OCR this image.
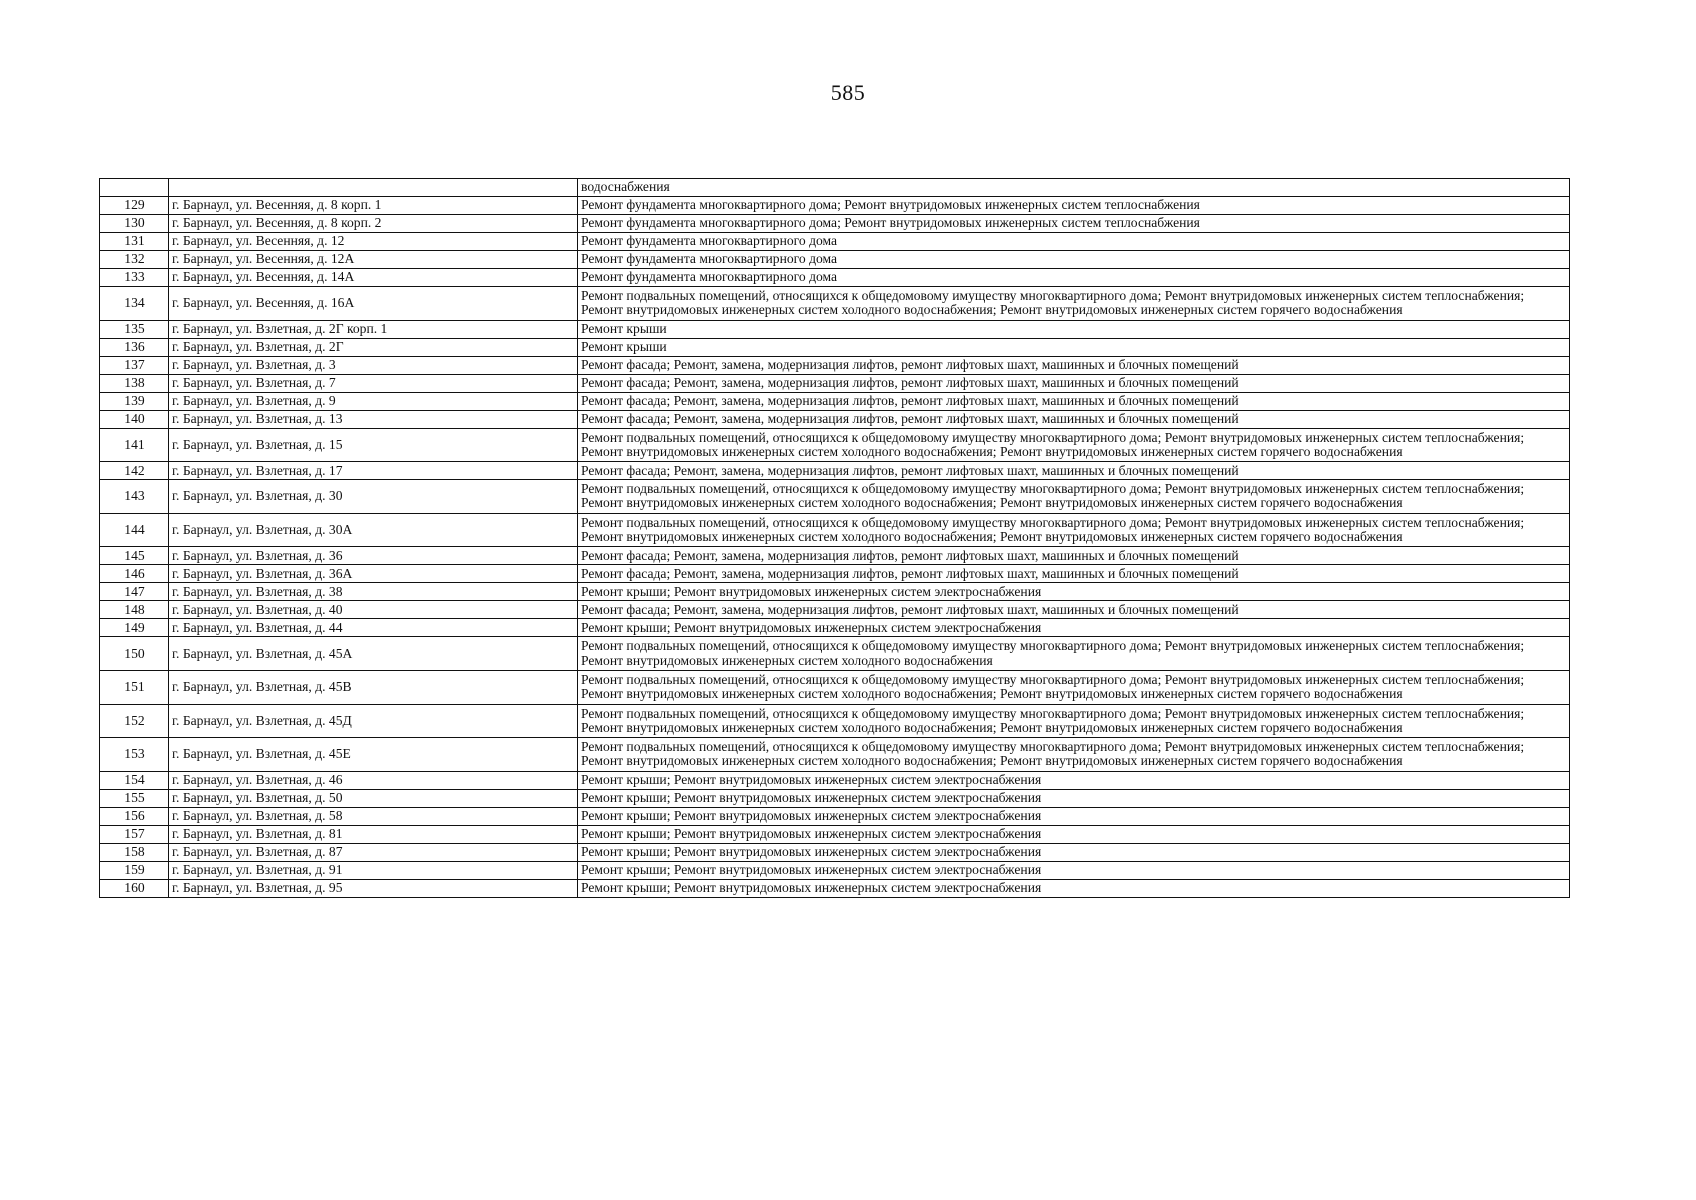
585
		водоснабжения
129	г. Барнаул, ул. Весенняя, д. 8 корп. 1	Ремонт фундамента многоквартирного дома; Ремонт внутридомовых инженерных систем теплоснабжения
130	г. Барнаул, ул. Весенняя, д. 8 корп. 2	Ремонт фундамента многоквартирного дома; Ремонт внутридомовых инженерных систем теплоснабжения
131	г. Барнаул, ул. Весенняя, д. 12	Ремонт фундамента многоквартирного дома
132	г. Барнаул, ул. Весенняя, д. 12А	Ремонт фундамента многоквартирного дома
133	г. Барнаул, ул. Весенняя, д. 14А	Ремонт фундамента многоквартирного дома
134	г. Барнаул, ул. Весенняя, д. 16А	Ремонт подвальных помещений, относящихся к общедомовому имуществу многоквартирного дома; Ремонт внутридомовых инженерных систем теплоснабжения; Ремонт внутридомовых инженерных систем холодного водоснабжения; Ремонт внутридомовых инженерных систем горячего водоснабжения
135	г. Барнаул, ул. Взлетная, д. 2Г корп. 1	Ремонт крыши
136	г. Барнаул, ул. Взлетная, д. 2Г	Ремонт крыши
137	г. Барнаул, ул. Взлетная, д. 3	Ремонт фасада; Ремонт, замена, модернизация лифтов, ремонт лифтовых шахт, машинных и блочных помещений
138	г. Барнаул, ул. Взлетная, д. 7	Ремонт фасада; Ремонт, замена, модернизация лифтов, ремонт лифтовых шахт, машинных и блочных помещений
139	г. Барнаул, ул. Взлетная, д. 9	Ремонт фасада; Ремонт, замена, модернизация лифтов, ремонт лифтовых шахт, машинных и блочных помещений
140	г. Барнаул, ул. Взлетная, д. 13	Ремонт фасада; Ремонт, замена, модернизация лифтов, ремонт лифтовых шахт, машинных и блочных помещений
141	г. Барнаул, ул. Взлетная, д. 15	Ремонт подвальных помещений, относящихся к общедомовому имуществу многоквартирного дома; Ремонт внутридомовых инженерных систем теплоснабжения; Ремонт внутридомовых инженерных систем холодного водоснабжения; Ремонт внутридомовых инженерных систем горячего водоснабжения
142	г. Барнаул, ул. Взлетная, д. 17	Ремонт фасада; Ремонт, замена, модернизация лифтов, ремонт лифтовых шахт, машинных и блочных помещений
143	г. Барнаул, ул. Взлетная, д. 30	Ремонт подвальных помещений, относящихся к общедомовому имуществу многоквартирного дома; Ремонт внутридомовых инженерных систем теплоснабжения; Ремонт внутридомовых инженерных систем холодного водоснабжения; Ремонт внутридомовых инженерных систем горячего водоснабжения
144	г. Барнаул, ул. Взлетная, д. 30А	Ремонт подвальных помещений, относящихся к общедомовому имуществу многоквартирного дома; Ремонт внутридомовых инженерных систем теплоснабжения; Ремонт внутридомовых инженерных систем холодного водоснабжения; Ремонт внутридомовых инженерных систем горячего водоснабжения
145	г. Барнаул, ул. Взлетная, д. 36	Ремонт фасада; Ремонт, замена, модернизация лифтов, ремонт лифтовых шахт, машинных и блочных помещений
146	г. Барнаул, ул. Взлетная, д. 36А	Ремонт фасада; Ремонт, замена, модернизация лифтов, ремонт лифтовых шахт, машинных и блочных помещений
147	г. Барнаул, ул. Взлетная, д. 38	Ремонт крыши; Ремонт внутридомовых инженерных систем электроснабжения
148	г. Барнаул, ул. Взлетная, д. 40	Ремонт фасада; Ремонт, замена, модернизация лифтов, ремонт лифтовых шахт, машинных и блочных помещений
149	г. Барнаул, ул. Взлетная, д. 44	Ремонт крыши; Ремонт внутридомовых инженерных систем электроснабжения
150	г. Барнаул, ул. Взлетная, д. 45А	Ремонт подвальных помещений, относящихся к общедомовому имуществу многоквартирного дома; Ремонт внутридомовых инженерных систем теплоснабжения; Ремонт внутридомовых инженерных систем холодного водоснабжения
151	г. Барнаул, ул. Взлетная, д. 45В	Ремонт подвальных помещений, относящихся к общедомовому имуществу многоквартирного дома; Ремонт внутридомовых инженерных систем теплоснабжения; Ремонт внутридомовых инженерных систем холодного водоснабжения; Ремонт внутридомовых инженерных систем горячего водоснабжения
152	г. Барнаул, ул. Взлетная, д. 45Д	Ремонт подвальных помещений, относящихся к общедомовому имуществу многоквартирного дома; Ремонт внутридомовых инженерных систем теплоснабжения; Ремонт внутридомовых инженерных систем холодного водоснабжения; Ремонт внутридомовых инженерных систем горячего водоснабжения
153	г. Барнаул, ул. Взлетная, д. 45Е	Ремонт подвальных помещений, относящихся к общедомовому имуществу многоквартирного дома; Ремонт внутридомовых инженерных систем теплоснабжения; Ремонт внутридомовых инженерных систем холодного водоснабжения; Ремонт внутридомовых инженерных систем горячего водоснабжения
154	г. Барнаул, ул. Взлетная, д. 46	Ремонт крыши; Ремонт внутридомовых инженерных систем электроснабжения
155	г. Барнаул, ул. Взлетная, д. 50	Ремонт крыши; Ремонт внутридомовых инженерных систем электроснабжения
156	г. Барнаул, ул. Взлетная, д. 58	Ремонт крыши; Ремонт внутридомовых инженерных систем электроснабжения
157	г. Барнаул, ул. Взлетная, д. 81	Ремонт крыши; Ремонт внутридомовых инженерных систем электроснабжения
158	г. Барнаул, ул. Взлетная, д. 87	Ремонт крыши; Ремонт внутридомовых инженерных систем электроснабжения
159	г. Барнаул, ул. Взлетная, д. 91	Ремонт крыши; Ремонт внутридомовых инженерных систем электроснабжения
160	г. Барнаул, ул. Взлетная, д. 95	Ремонт крыши; Ремонт внутридомовых инженерных систем электроснабжения
